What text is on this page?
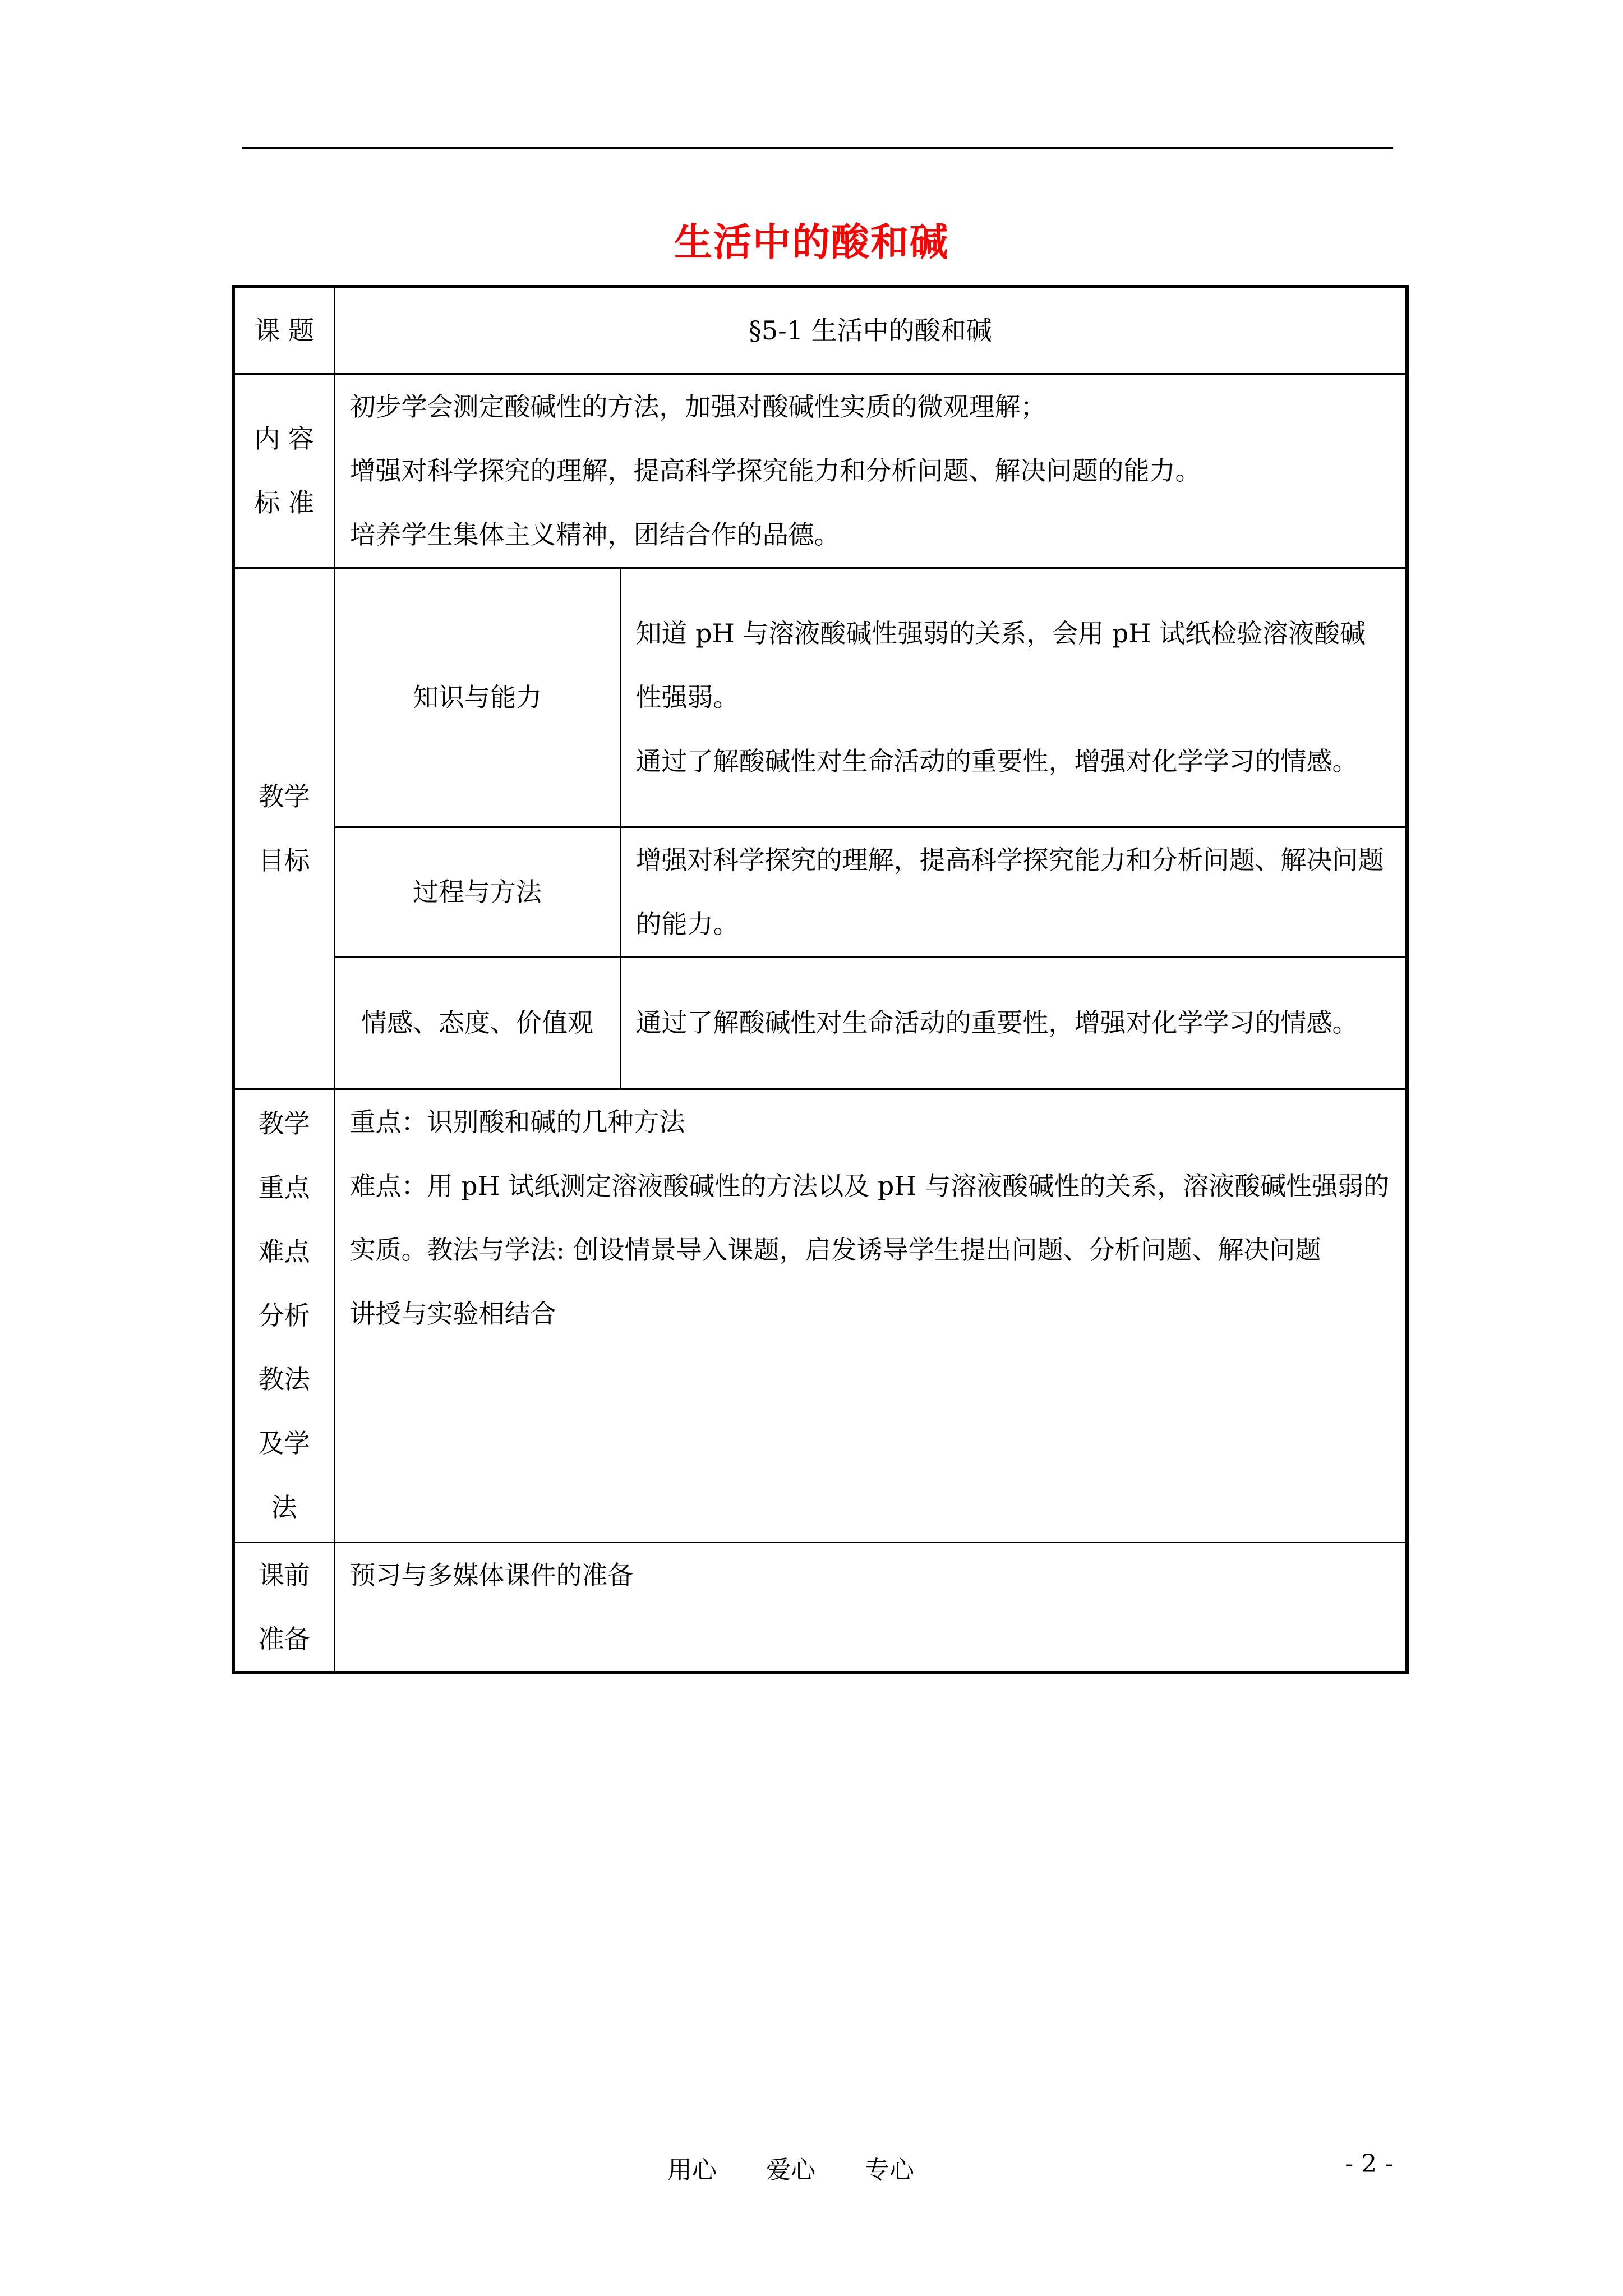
生活中的酸和碱
课 题	§5-1 生活中的酸和碱	
内 容 标 准	初步学会测定酸碱性的方法，加强对酸碱性实质的微观理解；
增强对科学探究的理解，提高科学探究能力和分析问题、解决问题的能力。
培养学生集体主义精神，团结合作的品德。	

教学 目标	知识与能力	知道 pH 与溶液酸碱性强弱的关系，会用 pH 试纸检验溶液酸碱性强弱。
通过了解酸碱性对生命活动的重要性，增强对化学学习的情感。

	过程与方法	增强对科学探究的理解，提高科学探究能力和分析问题、解决问题的能力。

	情感、态度、价值观	通过了解酸碱性对生命活动的重要性，增强对化学学习的情感。

教学 重点 难点 分析 教法 及学 法	重点：识别酸和碱的几种方法
难点：用 pH 试纸测定溶液酸碱性的方法以及 pH 与溶液酸碱性的关系，溶液酸碱性强弱的实质。教法与学法: 创设情景导入课题，启发诱导学生提出问题、分析问题、解决问题
讲授与实验相结合	

课前 准备	预习与多媒体课件的准备	
用心　　爱心　　专心	- 2 -
